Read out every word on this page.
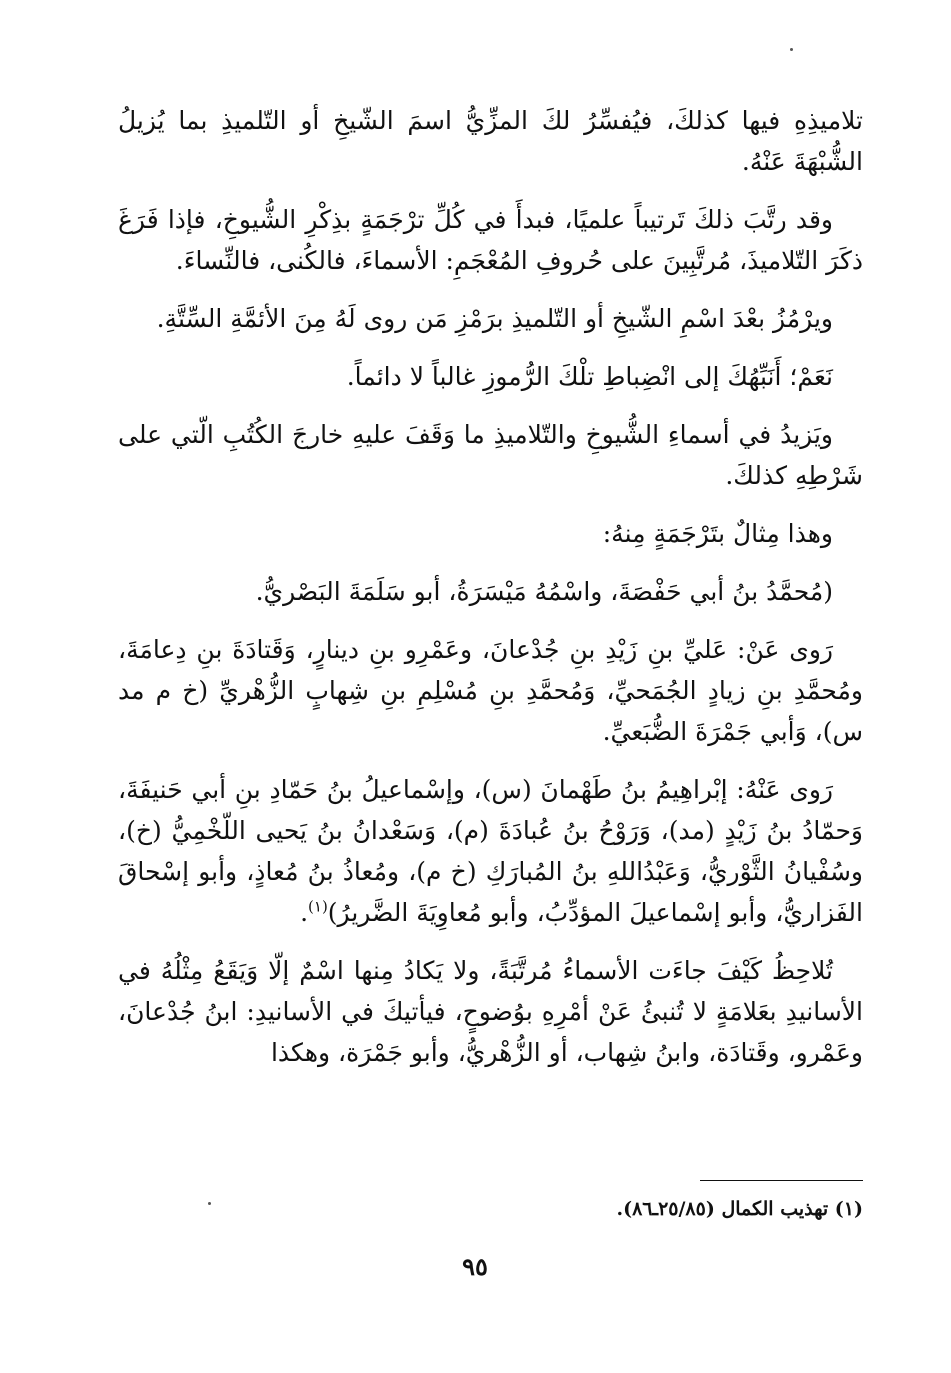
تلاميذِهِ فيها كذلكَ، فيُفسِّرُ لكَ المزِّيُّ اسمَ الشّيخِ أو التّلميذِ بما يُزيلُ الشُّبْهَةَ عَنْهُ.

وقد رتَّبَ ذلكَ تَرتيباً علميًا، فبدأَ في كُلِّ ترْجَمَةٍ بذِكْرِ الشُّيوخِ، فإذا فَرَغَ ذكَرَ التّلاميذَ، مُرتَّبِينَ على حُروفِ المُعْجَمِ: الأسماءَ، فالكُنى، فالنِّساءَ.

ويرْمُزُ بعْدَ اسْمِ الشّيخِ أو التّلميذِ برَمْزِ مَن روى لَهُ مِنَ الأئمَّةِ السِّتَّةِ.

نَعَمْ؛ أَنَبِّهُكَ إلى انْضِباطِ تلْكَ الرُّموزِ غالباً لا دائماً.

ويَزيدُ في أسماءِ الشُّيوخِ والتّلاميذِ ما وَقَفَ عليهِ خارجَ الكُتُبِ الّتي على شَرْطِهِ كذلكَ.

وهذا مِثالٌ بتَرْجَمَةٍ مِنهُ:

(مُحمَّدُ بنُ أبي حَفْصَةَ، واسْمُهُ مَيْسَرَةُ، أبو سَلَمَةَ البَصْريُّ.

رَوى عَنْ: عَليِّ بنِ زَيْدِ بنِ جُدْعانَ، وعَمْرِو بنِ دينارٍ، وَقَتادَةَ بنِ دِعامَةَ، ومُحمَّدِ بنِ زيادٍ الجُمَحيِّ، وَمُحمَّدِ بنِ مُسْلِمِ بنِ شِهابٍ الزُّهْريِّ (خ م مد س)، وَأبي جَمْرَةَ الضُّبَعيِّ.

رَوى عَنْهُ: إبْراهِيمُ بنُ طَهْمانَ (س)، وإسْماعيلُ بنُ حَمّادِ بنِ أبي حَنيفَةَ، وَحمّادُ بنُ زَيْدٍ (مد)، وَرَوْحُ بنُ عُبادَةَ (م)، وَسَعْدانُ بنُ يَحيى اللّخْمِيُّ (خ)، وسُفْيانُ الثَّوْريُّ، وَعَبْدُاللهِ بنُ المُبارَكِ (خ م)، ومُعاذُ بنُ مُعاذٍ، وأبو إسْحاقَ الفَزاريُّ، وأبو إسْماعيلَ المؤدِّبُ، وأبو مُعاوِيَةَ الضَّريرُ)$^{(١)}$.

تُلاحِظُ كَيْفَ جاءَت الأسماءُ مُرتَّبَةً، ولا يَكادُ مِنها اسْمٌ إلّا وَيَقَعُ مِثْلُهُ في الأسانيدِ بعَلامَةٍ لا تُنبئُ عَنْ أمْرِهِ بوُضوحٍ، فيأتيكَ في الأسانيدِ: ابنُ جُدْعانَ، وعَمْرو، وقَتادَة، وابنُ شِهاب، أو الزُّهْريُّ، وأبو جَمْرَة، وهكذا

(١) تهذيب الكمال (٢٥/٨٥ـ٨٦).
٩٥
